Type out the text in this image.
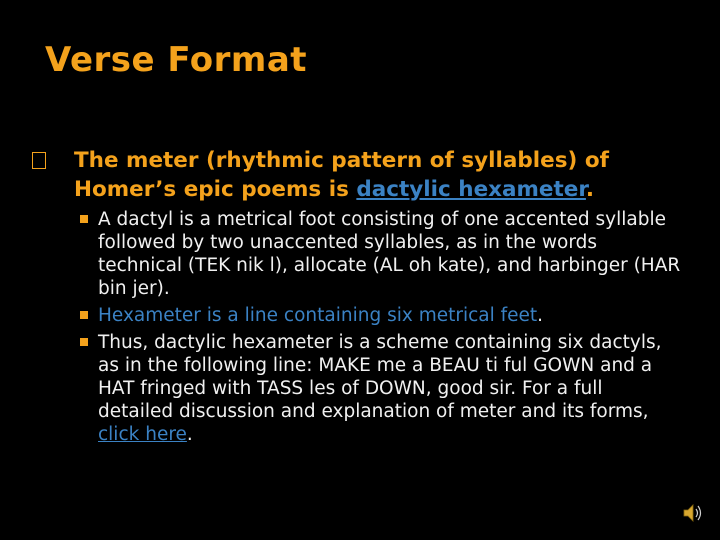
Verse Format
The meter (rhythmic pattern of syllables) of Homer’s epic poems is dactylic hexameter.
A dactyl is a metrical foot consisting of one accented syllable followed by two unaccented syllables, as in the words technical (TEK nik l), allocate (AL oh kate), and harbinger (HAR bin jer).
Hexameter is a line containing six metrical feet.
Thus, dactylic hexameter is a scheme containing six dactyls, as in the following line: MAKE me a BEAU ti ful GOWN and a HAT fringed with TASS les of DOWN, good sir. For a full detailed discussion and explanation of meter and its forms, click here.
